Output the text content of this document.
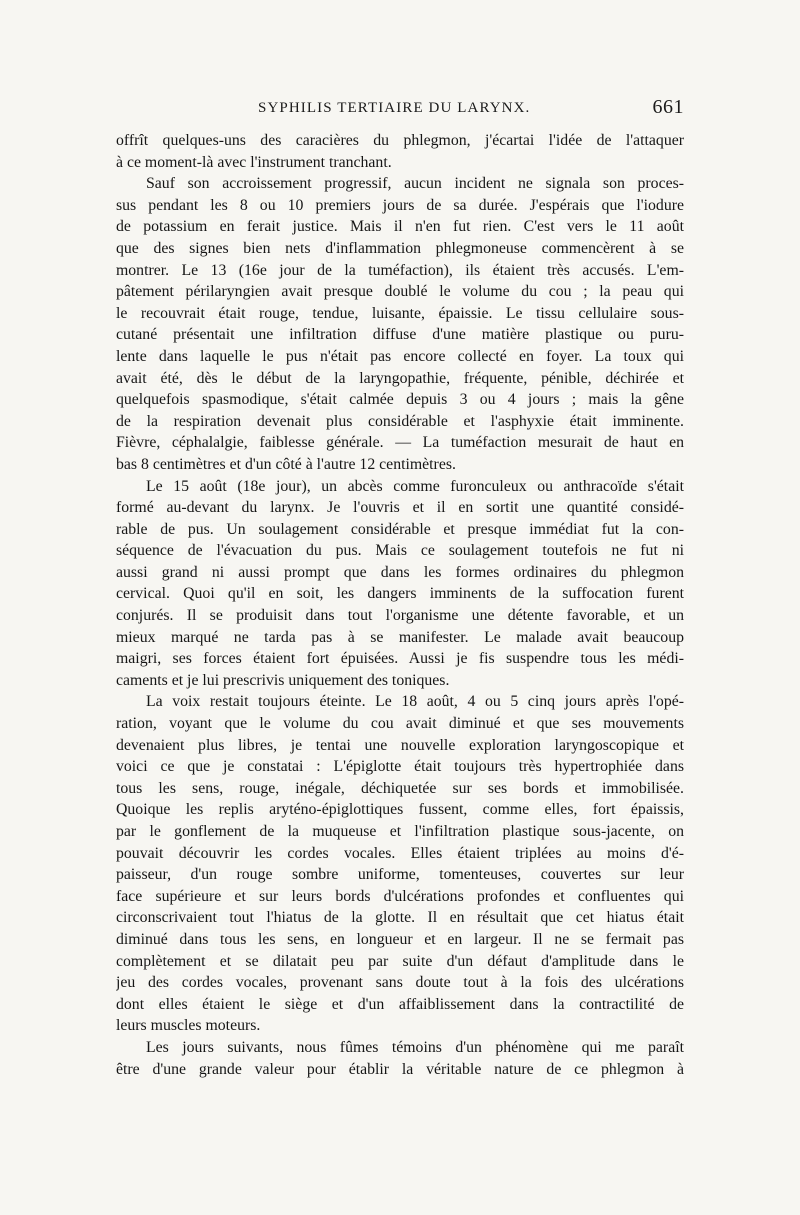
SYPHILIS TERTIAIRE DU LARYNX.	661
offrît quelques-uns des caracières du phlegmon, j'écartai l'idée de l'attaquer
à ce moment-là avec l'instrument tranchant.
Sauf son accroissement progressif, aucun incident ne signala son proces-
sus pendant les 8 ou 10 premiers jours de sa durée. J'espérais que l'iodure
de potassium en ferait justice. Mais il n'en fut rien. C'est vers le 11 août
que des signes bien nets d'inflammation phlegmoneuse commencèrent à se
montrer. Le 13 (16e jour de la tuméfaction), ils étaient très accusés. L'em-
pâtement périlaryngien avait presque doublé le volume du cou ; la peau qui
le recouvrait était rouge, tendue, luisante, épaissie. Le tissu cellulaire sous-
cutané présentait une infiltration diffuse d'une matière plastique ou puru-
lente dans laquelle le pus n'était pas encore collecté en foyer. La toux qui
avait été, dès le début de la laryngopathie, fréquente, pénible, déchirée et
quelquefois spasmodique, s'était calmée depuis 3 ou 4 jours ; mais la gêne
de la respiration devenait plus considérable et l'asphyxie était imminente.
Fièvre, céphalalgie, faiblesse générale. — La tuméfaction mesurait de haut en
bas 8 centimètres et d'un côté à l'autre 12 centimètres.
Le 15 août (18e jour), un abcès comme furonculeux ou anthracoïde s'était
formé au-devant du larynx. Je l'ouvris et il en sortit une quantité considé-
rable de pus. Un soulagement considérable et presque immédiat fut la con-
séquence de l'évacuation du pus. Mais ce soulagement toutefois ne fut ni
aussi grand ni aussi prompt que dans les formes ordinaires du phlegmon
cervical. Quoi qu'il en soit, les dangers imminents de la suffocation furent
conjurés. Il se produisit dans tout l'organisme une détente favorable, et un
mieux marqué ne tarda pas à se manifester. Le malade avait beaucoup
maigri, ses forces étaient fort épuisées. Aussi je fis suspendre tous les médi-
caments et je lui prescrivis uniquement des toniques.
La voix restait toujours éteinte. Le 18 août, 4 ou 5 cinq jours après l'opé-
ration, voyant que le volume du cou avait diminué et que ses mouvements
devenaient plus libres, je tentai une nouvelle exploration laryngoscopique et
voici ce que je constatai : L'épiglotte était toujours très hypertrophiée dans
tous les sens, rouge, inégale, déchiquetée sur ses bords et immobilisée.
Quoique les replis aryténo-épiglottiques fussent, comme elles, fort épaissis,
par le gonflement de la muqueuse et l'infiltration plastique sous-jacente, on
pouvait découvrir les cordes vocales. Elles étaient triplées au moins d'é-
paisseur, d'un rouge sombre uniforme, tomenteuses, couvertes sur leur
face supérieure et sur leurs bords d'ulcérations profondes et confluentes qui
circonscrivaient tout l'hiatus de la glotte. Il en résultait que cet hiatus était
diminué dans tous les sens, en longueur et en largeur. Il ne se fermait pas
complètement et se dilatait peu par suite d'un défaut d'amplitude dans le
jeu des cordes vocales, provenant sans doute tout à la fois des ulcérations
dont elles étaient le siège et d'un affaiblissement dans la contractilité de
leurs muscles moteurs.
Les jours suivants, nous fûmes témoins d'un phénomène qui me paraît
être d'une grande valeur pour établir la véritable nature de ce phlegmon à
